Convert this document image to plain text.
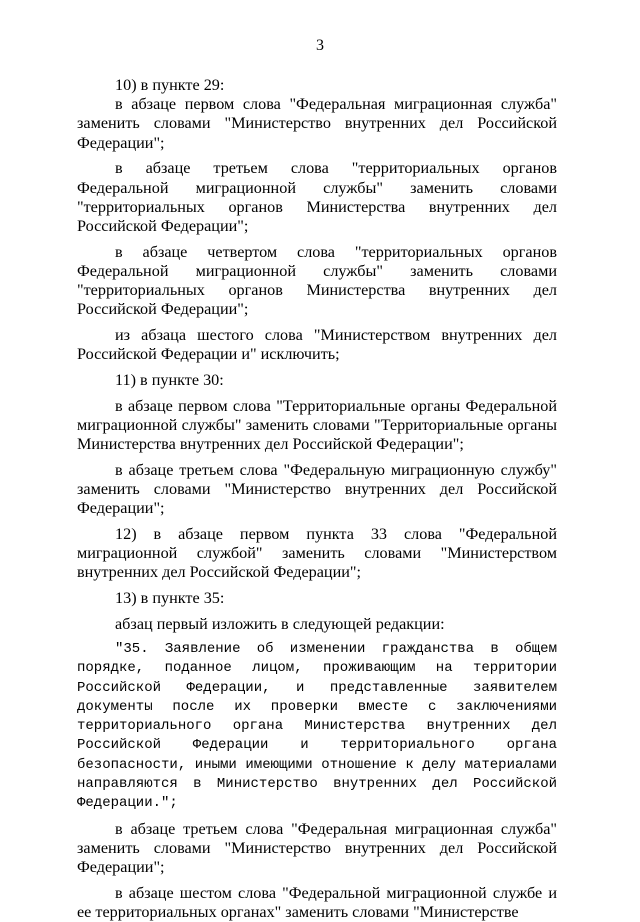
3

10) в пункте 29:

в абзаце первом слова "Федеральная миграционная служба" заменить словами "Министерство внутренних дел Российской Федерации";

в абзаце третьем слова "территориальных органов Федеральной миграционной службы" заменить словами "территориальных органов Министерства внутренних дел Российской Федерации";

в абзаце четвертом слова "территориальных органов Федеральной миграционной службы" заменить словами "территориальных органов Министерства внутренних дел Российской Федерации";

из абзаца шестого слова "Министерством внутренних дел Российской Федерации и" исключить;

11) в пункте 30:

в абзаце первом слова "Территориальные органы Федеральной миграционной службы" заменить словами "Территориальные органы Министерства внутренних дел Российской Федерации";

в абзаце третьем слова "Федеральную миграционную службу" заменить словами "Министерство внутренних дел Российской Федерации";

12) в абзаце первом пункта 33 слова "Федеральной миграционной службой" заменить словами "Министерством внутренних дел Российской Федерации";

13) в пункте 35:

абзац первый изложить в следующей редакции:

"35. Заявление об изменении гражданства в общем порядке, поданное лицом, проживающим на территории Российской Федерации, и представленные заявителем документы после их проверки вместе с заключениями территориального органа Министерства внутренних дел Российской Федерации и территориального органа безопасности, иными имеющими отношение к делу материалами направляются в Министерство внутренних дел Российской Федерации.";

в абзаце третьем слова "Федеральная миграционная служба" заменить словами "Министерство внутренних дел Российской Федерации";

в абзаце шестом слова "Федеральной миграционной службе и ее территориальных органах" заменить словами "Министерстве
